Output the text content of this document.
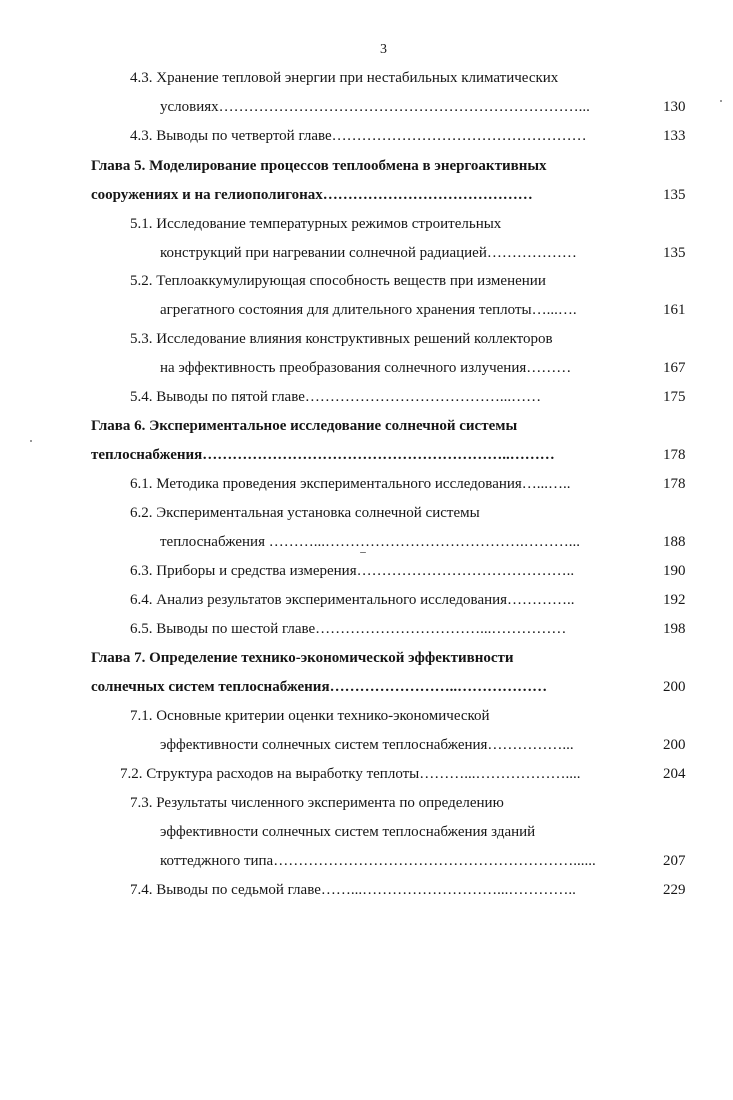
3
4.3. Хранение тепловой энергии при нестабильных климатических
условиях………………………………………………………………...	130
4.3. Выводы по четвертой главе……………………………………………	133
Глава 5. Моделирование процессов теплообмена в энергоактивных
сооружениях и на гелиополигонах……………………………………	135
5.1. Исследование температурных режимов строительных
конструкций при нагревании солнечной радиацией………………	135
5.2. Теплоаккумулирующая способность веществ при изменении
агрегатного состояния для длительного хранения теплоты…...….	161
5.3. Исследование влияния конструктивных решений коллекторов
на эффективность преобразования солнечного излучения………	167
5.4. Выводы по пятой главе…………………………………...……	175
Глава 6. Экспериментальное исследование солнечной системы
теплоснабжения……………………………………………………..………	178
6.1. Методика проведения экспериментального исследования…...…..	178
6.2. Экспериментальная установка солнечной системы
теплоснабжения ………...………………………………….………...	188
6.3. Приборы и средства измерения……………………………………..	190
6.4. Анализ результатов экспериментального исследования…………..	192
6.5. Выводы по шестой главе……………………………...……………	198
Глава 7. Определение технико-экономической эффективности
солнечных систем теплоснабжения……………………..………………	200
7.1. Основные критерии оценки технико-экономической
эффективности солнечных систем теплоснабжения……………...	200
7.2. Структура расходов на выработку теплоты………...………………....	204
7.3. Результаты численного эксперимента по определению
эффективности солнечных систем теплоснабжения зданий
коттеджного типа……………………………………………………......	207
7.4. Выводы по седьмой главе……...………………………...…………..	229
